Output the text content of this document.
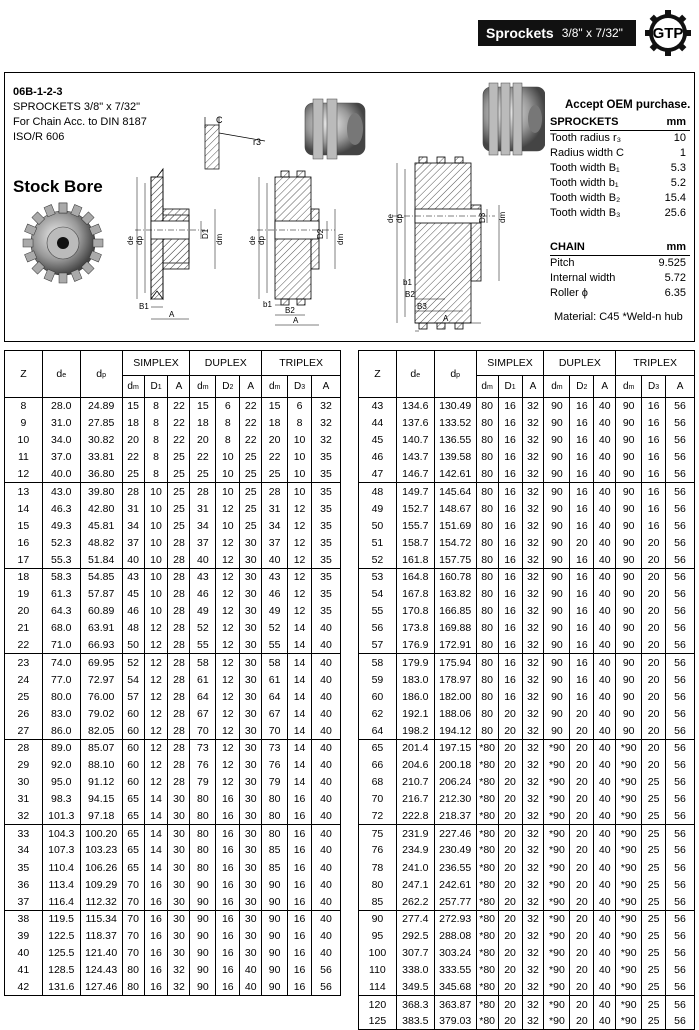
Sprockets 3/8" x 7/32" GTP
06B-1-2-3
SPROCKETS 3/8" x 7/32"
For Chain Acc. to DIN 8187
ISO/R 606
Stock Bore
C
r3
de dp
D1 dm
B1
A
de dp
D2 dm
b1
B2
A
de dp	D3 dm
b1
B2
B3
A
Accept OEM purchase.
SPROCKETS	mm
Tooth radius r₃	10
Radius width C	1
Tooth width B₁	5.3
Tooth width b₁	5.2
Tooth width B₂	15.4
Tooth width B₃	25.6

CHAIN	mm
Pitch	9.525
Internal width	5.72
Roller ϕ	6.35
Material: C45 *Weld-n hub
Z	de	dp	SIMPLEX			DUPLEX			TRIPLEX		
			dm	D1	A	dm	D2	A	dm	D3	A
8	28.0	24.89	15	8	22	15	6	22	15	6	32
9	31.0	27.85	18	8	22	18	8	22	18	8	32
10	34.0	30.82	20	8	22	20	8	22	20	10	32
11	37.0	33.81	22	8	25	22	10	25	22	10	35
12	40.0	36.80	25	8	25	25	10	25	25	10	35
13	43.0	39.80	28	10	25	28	10	25	28	10	35
14	46.3	42.80	31	10	25	31	12	25	31	12	35
15	49.3	45.81	34	10	25	34	10	25	34	12	35
16	52.3	48.82	37	10	28	37	12	30	37	12	35
17	55.3	51.84	40	10	28	40	12	30	40	12	35
18	58.3	54.85	43	10	28	43	12	30	43	12	35
19	61.3	57.87	45	10	28	46	12	30	46	12	35
20	64.3	60.89	46	10	28	49	12	30	49	12	35
21	68.0	63.91	48	12	28	52	12	30	52	14	40
22	71.0	66.93	50	12	28	55	12	30	55	14	40
23	74.0	69.95	52	12	28	58	12	30	58	14	40
24	77.0	72.97	54	12	28	61	12	30	61	14	40
25	80.0	76.00	57	12	28	64	12	30	64	14	40
26	83.0	79.02	60	12	28	67	12	30	67	14	40
27	86.0	82.05	60	12	28	70	12	30	70	14	40
28	89.0	85.07	60	12	28	73	12	30	73	14	40
29	92.0	88.10	60	12	28	76	12	30	76	14	40
30	95.0	91.12	60	12	28	79	12	30	79	14	40
31	98.3	94.15	65	14	30	80	16	30	80	16	40
32	101.3	97.18	65	14	30	80	16	30	80	16	40
33	104.3	100.20	65	14	30	80	16	30	80	16	40
34	107.3	103.23	65	14	30	80	16	30	85	16	40
35	110.4	106.26	65	14	30	80	16	30	85	16	40
36	113.4	109.29	70	16	30	90	16	30	90	16	40
37	116.4	112.32	70	16	30	90	16	30	90	16	40
38	119.5	115.34	70	16	30	90	16	30	90	16	40
39	122.5	118.37	70	16	30	90	16	30	90	16	40
40	125.5	121.40	70	16	30	90	16	30	90	16	40
41	128.5	124.43	80	16	32	90	16	40	90	16	56
42	131.6	127.46	80	16	32	90	16	40	90	16	56
Z	de	dp	SIMPLEX			DUPLEX			TRIPLEX		
			dm	D1	A	dm	D2	A	dm	D3	A
43	134.6	130.49	80	16	32	90	16	40	90	16	56
44	137.6	133.52	80	16	32	90	16	40	90	16	56
45	140.7	136.55	80	16	32	90	16	40	90	16	56
46	143.7	139.58	80	16	32	90	16	40	90	16	56
47	146.7	142.61	80	16	32	90	16	40	90	16	56
48	149.7	145.64	80	16	32	90	16	40	90	16	56
49	152.7	148.67	80	16	32	90	16	40	90	16	56
50	155.7	151.69	80	16	32	90	16	40	90	16	56
51	158.7	154.72	80	16	32	90	20	40	90	20	56
52	161.8	157.75	80	16	32	90	16	40	90	20	56
53	164.8	160.78	80	16	32	90	16	40	90	20	56
54	167.8	163.82	80	16	32	90	16	40	90	20	56
55	170.8	166.85	80	16	32	90	16	40	90	20	56
56	173.8	169.88	80	16	32	90	16	40	90	20	56
57	176.9	172.91	80	16	32	90	16	40	90	20	56
58	179.9	175.94	80	16	32	90	16	40	90	20	56
59	183.0	178.97	80	16	32	90	16	40	90	20	56
60	186.0	182.00	80	16	32	90	16	40	90	20	56
62	192.1	188.06	80	20	32	90	20	40	90	20	56
64	198.2	194.12	80	20	32	90	20	40	90	20	56
65	201.4	197.15	*80	20	32	*90	20	40	*90	20	56
66	204.6	200.18	*80	20	32	*90	20	40	*90	20	56
68	210.7	206.24	*80	20	32	*90	20	40	*90	25	56
70	216.7	212.30	*80	20	32	*90	20	40	*90	25	56
72	222.8	218.37	*80	20	32	*90	20	40	*90	25	56
75	231.9	227.46	*80	20	32	*90	20	40	*90	25	56
76	234.9	230.49	*80	20	32	*90	20	40	*90	25	56
78	241.0	236.55	*80	20	32	*90	20	40	*90	25	56
80	247.1	242.61	*80	20	32	*90	20	40	*90	25	56
85	262.2	257.77	*80	20	32	*90	20	40	*90	25	56
90	277.4	272.93	*80	20	32	*90	20	40	*90	25	56
95	292.5	288.08	*80	20	32	*90	20	40	*90	25	56
100	307.7	303.24	*80	20	32	*90	20	40	*90	25	56
110	338.0	333.55	*80	20	32	*90	20	40	*90	25	56
114	349.5	345.68	*80	20	32	*90	20	40	*90	25	56
120	368.3	363.87	*80	20	32	*90	20	40	*90	25	56
125	383.5	379.03	*80	20	32	*90	20	40	*90	25	56
